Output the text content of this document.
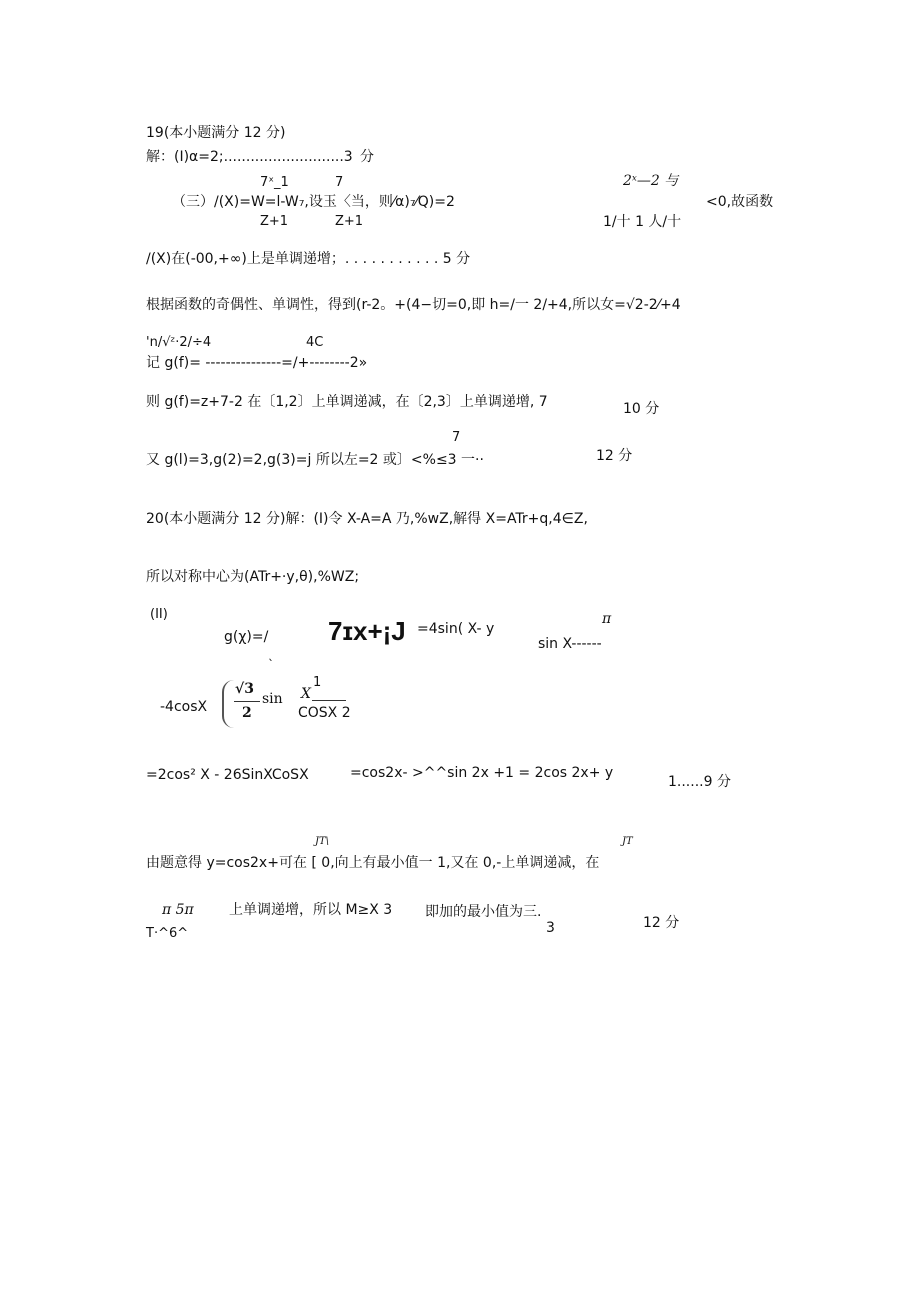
19(本小题满分 12 分)
解：(I)α=2;...........................3 分
7ˣ_1	7	2ˣ—2 与
（三）/(X)=W=l-W₇,设玉〈当，则⁄α)₇⁄Q)=2	<0,故函数
Z+1	Z+1	1/十 1 人/十
/(X)在(-00,+∞)上是单调递增；. . . . . . . . . . . 5 分
根据函数的奇偶性、单调性，得到(r-2。+(4−切=0,即 h=/一 2/+4,所以女=√2-2⁄+4
'n/√ᶻ·2/÷4	4C
记 g(f)= ---------------=/+--------2»
则 g(f)=z+7-2 在〔1,2〕上单调递减，在〔2,3〕上单调递增, 7	10 分
7
又 g(l)=3,g(2)=2,g(3)=j 所以左=2 或〕<%≤3 一··	12 分
20(本小题满分 12 分)解：(I)令 X-A=A 乃,%wZ,解得 X=ATr+q,4∈Z,
所以对称中心为(ATr+·y,θ),%WZ;
(II)
g(χ)=/
ˎ
7ɪx+¡J =4sin( X- y
π
sin X------
-4cosX
√3
2
sin
1
X
COSX 2
=2cos² X - 26SinXCoSX	=cos2x- >^^sin 2x +1 = 2cos 2x+ y
1......9 分
JT\	JT
由题意得 y=cos2x+可在 [ 0,向上有最小值一 1,又在 0,-上单调递减，在
π 5π
T·^6^
上单调递增，所以 M≥X 3 即加的最小值为三.
3	12 分
